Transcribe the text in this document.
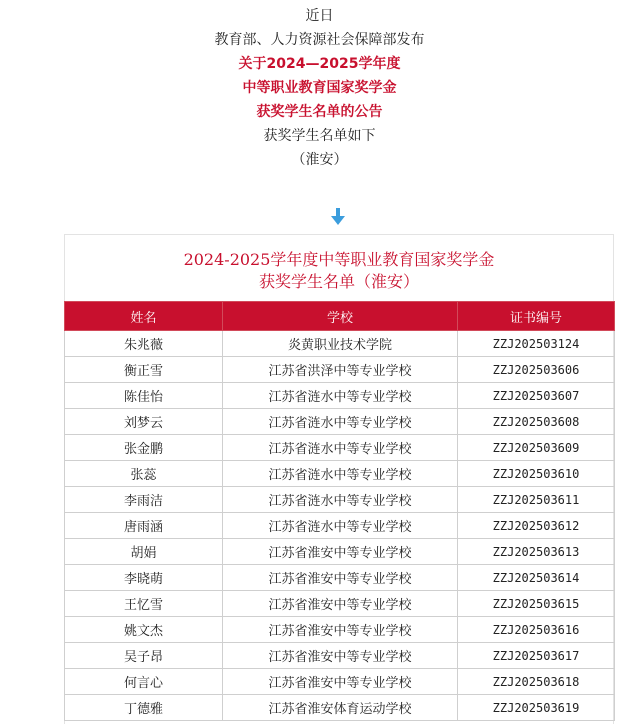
近日
教育部、人力资源社会保障部发布
关于2024—2025学年度
中等职业教育国家奖学金
获奖学生名单的公告
获奖学生名单如下
（淮安）
2024-2025学年度中等职业教育国家奖学金
获奖学生名单（淮安）
姓名	学校	证书编号
朱兆薇	炎黄职业技术学院	ZZJ202503124
衡正雪	江苏省洪泽中等专业学校	ZZJ202503606
陈佳怡	江苏省涟水中等专业学校	ZZJ202503607
刘梦云	江苏省涟水中等专业学校	ZZJ202503608
张金鹏	江苏省涟水中等专业学校	ZZJ202503609
张蕊	江苏省涟水中等专业学校	ZZJ202503610
李雨洁	江苏省涟水中等专业学校	ZZJ202503611
唐雨涵	江苏省涟水中等专业学校	ZZJ202503612
胡娟	江苏省淮安中等专业学校	ZZJ202503613
李晓萌	江苏省淮安中等专业学校	ZZJ202503614
王忆雪	江苏省淮安中等专业学校	ZZJ202503615
姚文杰	江苏省淮安中等专业学校	ZZJ202503616
吴子昂	江苏省淮安中等专业学校	ZZJ202503617
何言心	江苏省淮安中等专业学校	ZZJ202503618
丁德雅	江苏省淮安体育运动学校	ZZJ202503619
